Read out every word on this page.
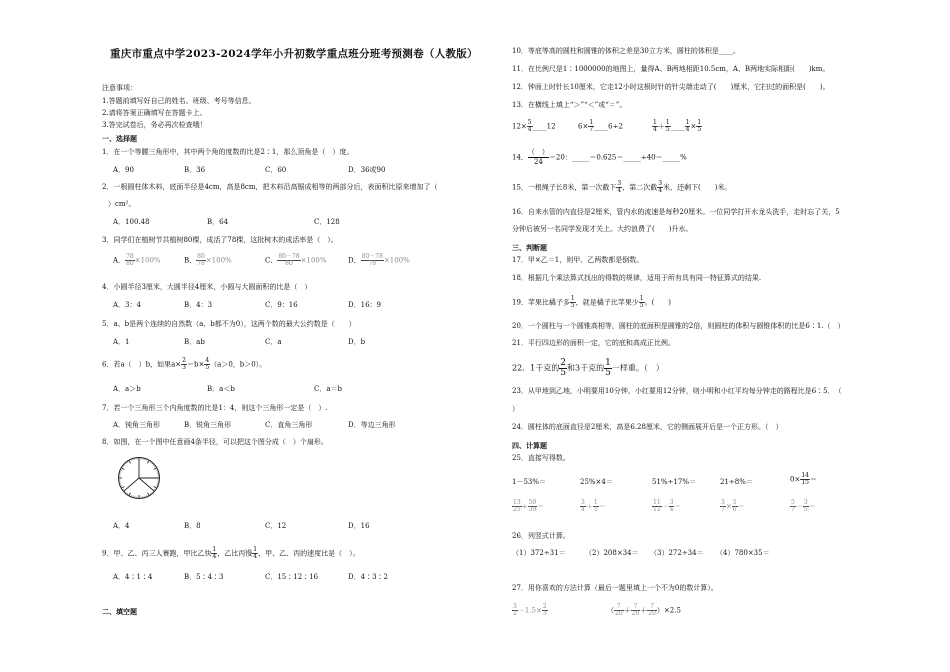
重庆市重点中学2023-2024学年小升初数学重点班分班考预测卷（人教版）
注意事项：
1.答题前填写好自己的姓名、班级、考号等信息。
2.请将答案正确填写在答题卡上。
3.答完试卷后，务必再次检查哦！
一、选择题
1．在一个等腰三角形中，其中两个角的度数的比是2∶1，那么顶角是（　）度。
A．90	B．36	C．60	D．36或90
2．一根圆柱体木料，底面半径是4cm，高是8cm，把木料沿高锯成相等的两部分后，表面积比原来增加了（
）cm²。
A．100.48	B．64	C．128
3．同学们在植树节共植树80棵，成活了78棵，这批树木的成活率是（　）。
A． $\frac{78}{80} \times 100\%$	B． $\frac{80}{78} \times 100\%$	C． $\frac{80-78}{80} \times 100\%$	D． $\frac{80-78}{78} \times 100\%$
4．小圆半径3厘米，大圆半径4厘米，小圆与大圆面积的比是（　）
A．3：4	B．4：3	C．9：16	D．16：9
5．a、b是两个连续的自然数（a、b都不为0），这两个数的最大公约数是（　　）
A．1	B．ab	C．a	D．b
6．若a（　）b，如果$a\times \frac{2}{3} =b\times \frac{4}{5} (a>0$，b＞0）。
A．a＞b	B．a＜b	C．a＝b
7．若一个三角形三个内角度数的比是1：4，则这个三角形一定是（　）.
A．钝角三角形	B．锐角三角形	C．直角三角形	D．等边三角形
8．如图，在一个图中任意画4条半径，可以把这个图分成（　）个扇形。
A．4	B．8	C．12	D．16
9．甲、乙、丙三人赛跑，甲比乙快 $\frac{1}{4}$ ，乙比丙慢 $\frac{1}{4}$ ，甲、乙、丙的速度比是（　）。
A．4∶1∶4	B．5∶4∶3	C．15∶12∶16	D．4∶3∶2
二、填空题
10．等底等高的圆柱和圆锥的体积之差是30立方米，圆柱的体积是____。
11．在比例尺是1∶1000000的地图上，量得A、B两地相距10.5cm，A、B两地实际相距(　　)km。
12．钟面上时针长10厘米，它走12小时这根时针的针尖端走动了(　　)厘米，它扫过的面积是(　　)。
13．在横线上填上“＞”“＜”或“＝”。
$12\times \frac{5}{4}$ ____12	$6\times \frac{1}{7}$ ____6÷2	$\frac{1}{4} + \frac{1}{5}$ ____ $\frac{1}{4} \times \frac{1}{5}$
14．
（　）
24
＝20：_____＝0.625＝_____÷40＝_____%
15．一根绳子长8米，第一次截下 $\frac{3}{4}$ ，第二次截 $\frac{3}{4}$ 米，还剩下(　　)米。
16．自来水管的内直径是2厘米，管内水的流速是每秒20厘米。一位同学打开水龙头洗手，走时忘了关，5
分钟后被另一名同学发现才关上。大约浪费了(　　)升水。
三、判断题
17．甲×乙＝1，则甲、乙两数都是倒数。
18．根据几个乘法算式找出的得数的规律，适用于所有具有同一特征算式的结果.
19．苹果比橘子多 $\frac{1}{5}$ ，就是橘子比苹果少 $\frac{1}{5}$ 。(　　)
20．一个圆柱与一个圆锥高相等，圆柱的底面积是圆锥的2倍，则圆柱的体积与圆锥体积的比是6∶1.（　）
21．平行四边形的面积一定，它的底和高成正比例。
22．1千克的 $\frac{2}{5}$ 和3千克的 $\frac{1}{5}$ 一样重。（　）
23．从甲地到乙地，小明要用10分钟，小红要用12分钟，则小明和小红平均每分钟走的路程比是6∶5．　（
）
24．圆柱体的底面直径是2厘米，高是6.28厘米，它的侧面展开后是一个正方形。（　）
四、计算题
25．直接写得数。
1－53%＝	25%×4＝	51%÷17%＝	21÷8%＝	$0\times \frac{14}{15}$ ＝
$\frac{13}{25} \div \frac{50}{39}$ ＝	$\frac{3}{4} + \frac{1}{5}$ ＝	$\frac{11}{12} - \frac{3}{4}$ ＝	$\frac{3}{7} \times \frac{5}{6}$ ＝	$\frac{5}{7} - \frac{3}{5}$ ＝
26．列竖式计算。
（1）372÷31＝	（2）208×34＝ （3）272÷34＝ （4）780×35＝
27．用你喜欢的方法计算（最后一题里填上一个不为0的数计算）。
$\frac{3}{2} -1.5\times \frac{2}{3}$	（ $\frac{7}{20} + \frac{7}{20} + \frac{7}{20} )\times 2.5$
